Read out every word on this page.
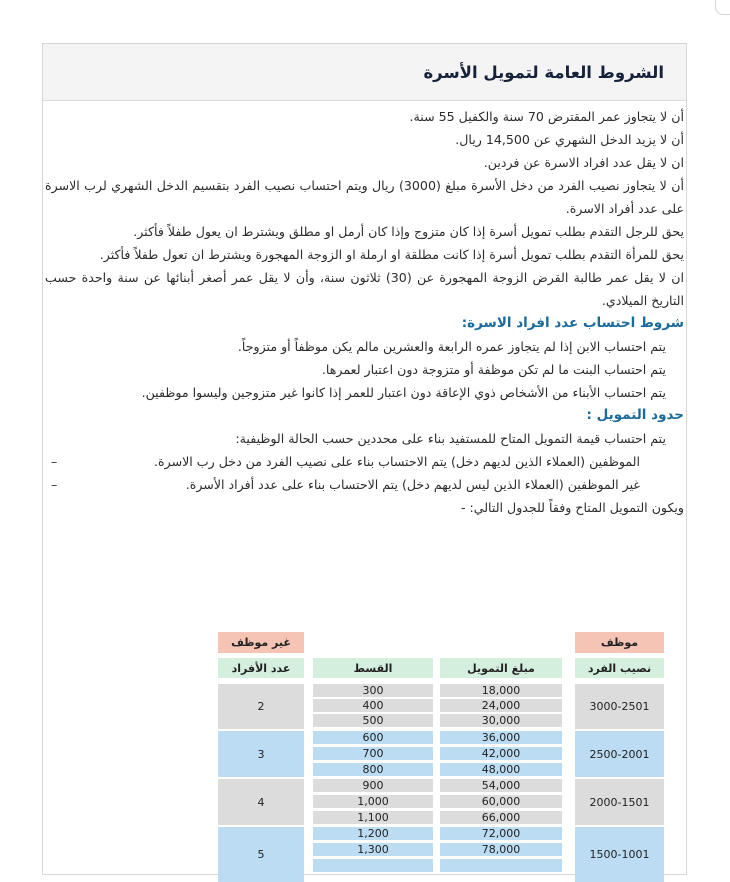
الشروط العامة لتمويل الأسرة

أن لا يتجاوز عمر المقترض 70 سنة والكفيل 55 سنة.

أن لا يزيد الدخل الشهري عن 14,500 ريال.

ان لا يقل عدد افراد الاسرة عن فردين.

أن لا يتجاوز نصيب الفرد من دخل الأسرة مبلغ (3000) ريال ويتم احتساب نصيب الفرد بتقسيم الدخل الشهري لرب الاسرة على عدد أفراد الاسرة.

يحق للرجل التقدم بطلب تمويل أسرة إذا كان متزوج وإذا كان أرمل او مطلق ويشترط ان يعول طفلاً فأكثر.

يحق للمرأة التقدم بطلب تمويل أسرة إذا كانت مطلقة او ارملة او الزوجة المهجورة ويشترط ان تعول طفلاً فأكثر.

ان لا يقل عمر طالبة القرض الزوجة المهجورة عن (30) ثلاثون سنة، وأن لا يقل عمر أصغر أبنائها عن سنة واحدة حسب التاريخ الميلادي.

شروط احتساب عدد افراد الاسرة:

يتم احتساب الابن إذا لم يتجاوز عمره الرابعة والعشرين مالم يكن موظفاً أو متزوجاً.

يتم احتساب البنت ما لم تكن موظفة أو متزوجة دون اعتبار لعمرها.

يتم احتساب الأبناء من الأشخاص ذوي الإعاقة دون اعتبار للعمر إذا كانوا غير متزوجين وليسوا موظفين.

حدود التمويل :

يتم احتساب قيمة التمويل المتاح للمستفيد بناء على محددين حسب الحالة الوظيفية:

الموظفين (العملاء الذين لديهم دخل) يتم الاحتساب بناء على نصيب الفرد من دخل رب الاسرة.
–
غير الموظفين (العملاء الذين ليس لديهم دخل) يتم الاحتساب بناء على عدد أفراد الأسرة.
–

ويكون التمويل المتاح وفقاً للجدول التالي: -

موظف
غير موظف
نصيب الفرد
مبلغ التمويل
القسط
عدد الأفراد
3000-2501
18,000
24,000
30,000
300
400
500
2
2500-2001
36,000
42,000
48,000
600
700
800
3
2000-1501
54,000
60,000
66,000
900
1,000
1,100
4
1500-1001
72,000
78,000
1,200
1,300
5
